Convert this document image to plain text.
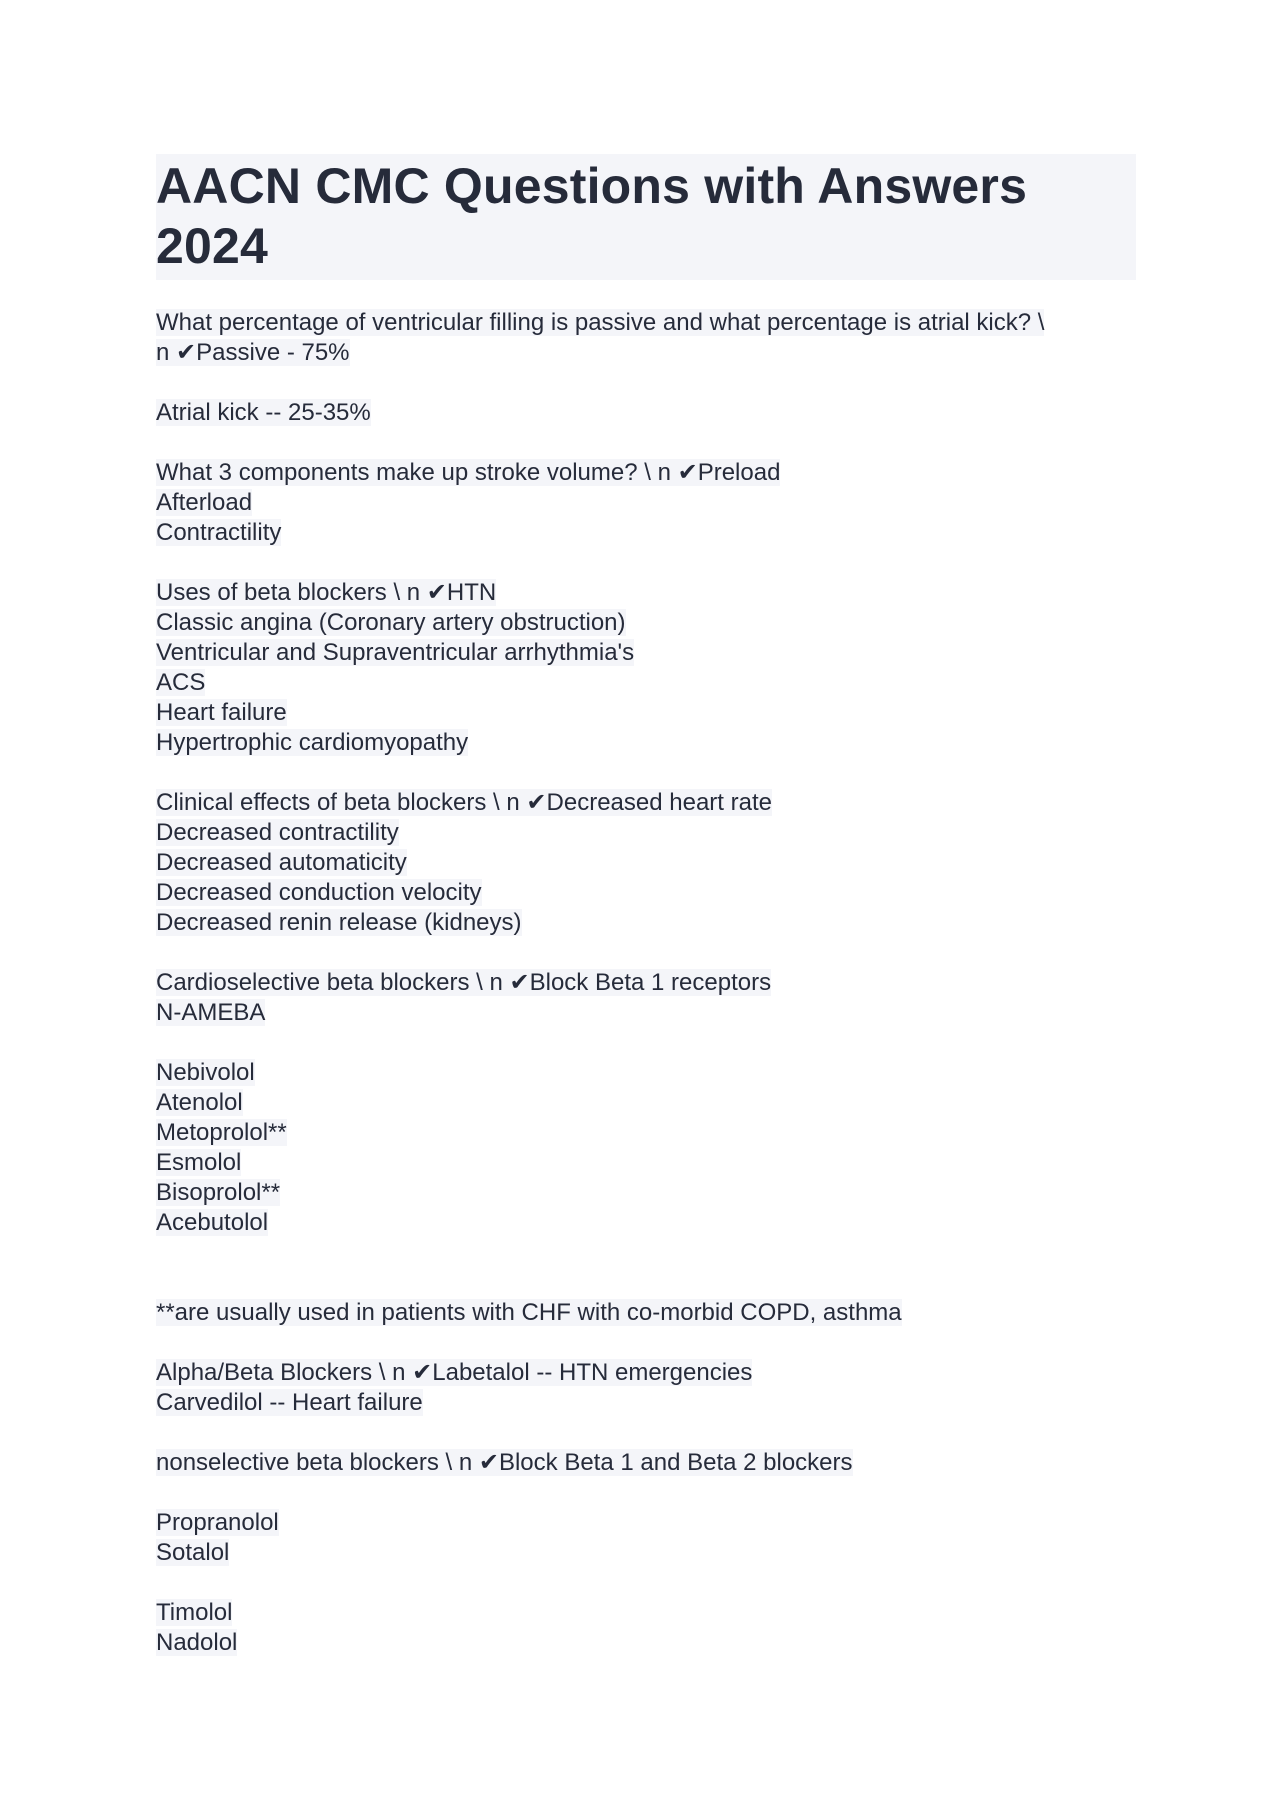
AACN CMC Questions with Answers 2024
What percentage of ventricular filling is passive and what percentage is atrial kick? \
n ✔Passive - 75%
Atrial kick -- 25-35%
What 3 components make up stroke volume? \ n ✔Preload
Afterload
Contractility
Uses of beta blockers \ n ✔HTN
Classic angina (Coronary artery obstruction)
Ventricular and Supraventricular arrhythmia's
ACS
Heart failure
Hypertrophic cardiomyopathy
Clinical effects of beta blockers \ n ✔Decreased heart rate
Decreased contractility
Decreased automaticity
Decreased conduction velocity
Decreased renin release (kidneys)
Cardioselective beta blockers \ n ✔Block Beta 1 receptors
N-AMEBA
Nebivolol
Atenolol
Metoprolol**
Esmolol
Bisoprolol**
Acebutolol
**are usually used in patients with CHF with co-morbid COPD, asthma
Alpha/Beta Blockers \ n ✔Labetalol -- HTN emergencies
Carvedilol -- Heart failure
nonselective beta blockers \ n ✔Block Beta 1 and Beta 2 blockers
Propranolol
Sotalol
Timolol
Nadolol
